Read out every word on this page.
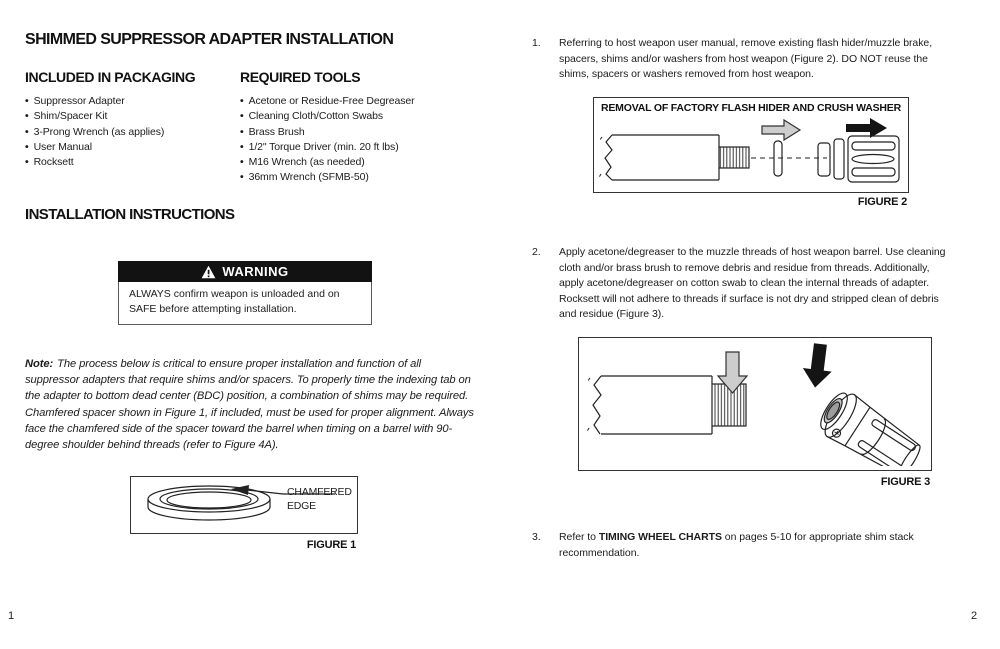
SHIMMED SUPPRESSOR ADAPTER INSTALLATION
INCLUDED IN PACKAGING
• Suppressor Adapter
• Shim/Spacer Kit
• 3-Prong Wrench (as applies)
• User Manual
• Rocksett
REQUIRED TOOLS
• Acetone or Residue-Free Degreaser
• Cleaning Cloth/Cotton Swabs
• Brass Brush
• 1/2" Torque Driver (min. 20 ft lbs)
• M16 Wrench (as needed)
• 36mm Wrench (SFMB-50)
INSTALLATION INSTRUCTIONS
WARNING
ALWAYS confirm weapon is unloaded and on SAFE before attempting installation.
Note: The process below is critical to ensure proper installation and function of all suppressor adapters that require shims and/or spacers. To properly time the indexing tab on the adapter to bottom dead center (BDC) position, a combination of shims may be required. Chamfered spacer shown in Figure 1, if included, must be used for proper alignment. Always face the chamfered side of the spacer toward the barrel when timing on a barrel with 90-degree shoulder behind threads (refer to Figure 4A).
CHAMFERED EDGE
FIGURE 1
1
1.	Referring to host weapon user manual, remove existing flash hider/muzzle brake, spacers, shims and/or washers from host weapon (Figure 2). DO NOT reuse the shims, spacers or washers removed from host weapon.
REMOVAL OF FACTORY FLASH HIDER AND CRUSH WASHER
FIGURE 2
2.	Apply acetone/degreaser to the muzzle threads of host weapon barrel. Use cleaning cloth and/or brass brush to remove debris and residue from threads. Additionally, apply acetone/degreaser on cotton swab to clean the internal threads of adapter. Rocksett will not adhere to threads if surface is not dry and stripped clean of debris and residue (Figure 3).
FIGURE 3
3.	Refer to TIMING WHEEL CHARTS on pages 5-10 for appropriate shim stack recommendation.
2
